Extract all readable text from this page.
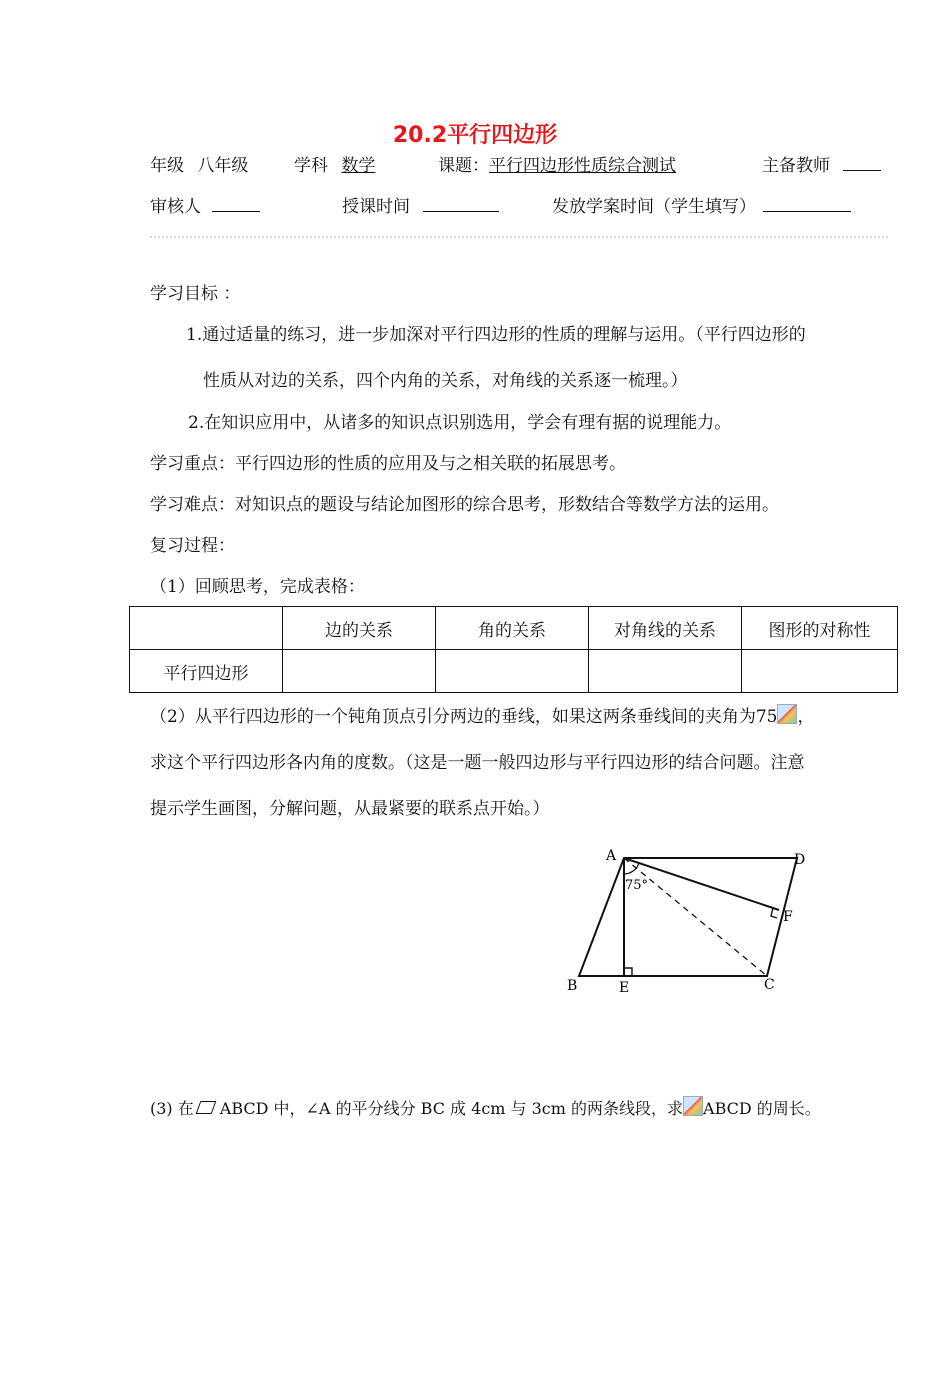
20.2平行四边形
年级 八年级	学科 数学	课题：平行四边形性质综合测试	主备教师
审核人	授课时间	发放学案时间（学生填写）
学习目标 ：
1.通过适量的练习，进一步加深对平行四边形的性质的理解与运用。（平行四边形的
性质从对边的关系，四个内角的关系，对角线的关系逐一梳理。）
2.在知识应用中，从诸多的知识点识别选用，学会有理有据的说理能力。
学习重点：平行四边形的性质的应用及与之相关联的拓展思考。
学习难点：对知识点的题设与结论加图形的综合思考，形数结合等数学方法的运用。
复习过程：
（1）回顾思考，完成表格：
	边的关系	角的关系	对角线的关系	图形的对称性
平行四边形				
（2）从平行四边形的一个钝角顶点引分两边的垂线，如果这两条垂线间的夹角为75 ，
求这个平行四边形各内角的度数。（这是一题一般四边形与平行四边形的结合问题。注意
提示学生画图，分解问题，从最紧要的联系点开始。）
A	D
F
B	E	C
75°
(3) 在 ABCD 中，∠A 的平分线分 BC 成 4cm 与 3cm 的两条线段，求 ABCD 的周长。
